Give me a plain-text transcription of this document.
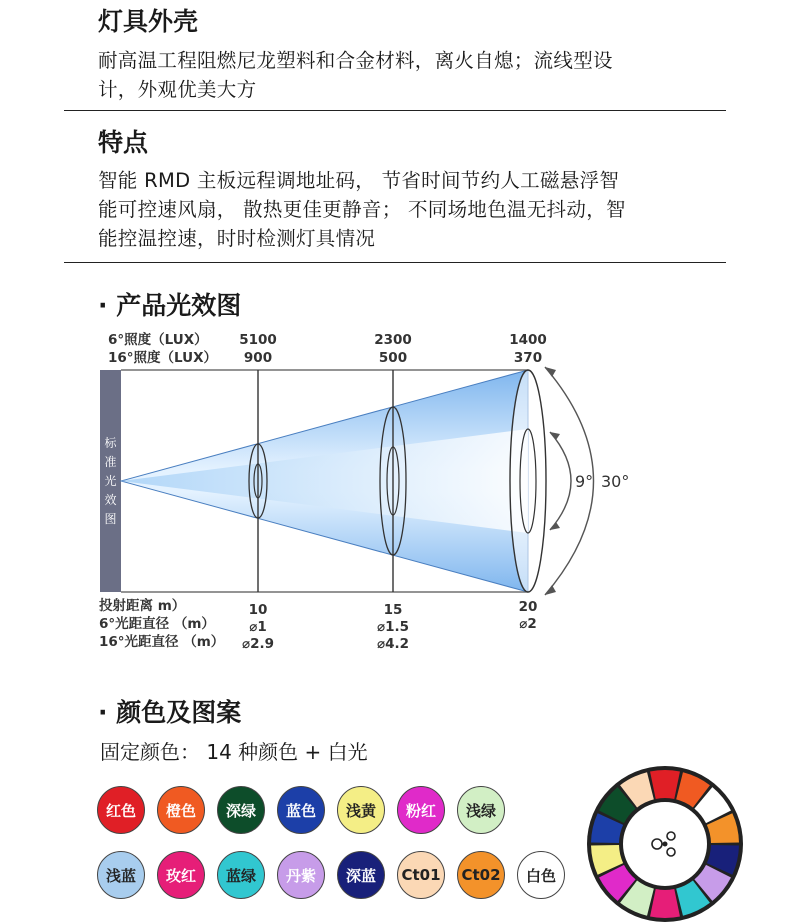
灯具外壳

耐高温工程阻燃尼龙塑料和合金材料，离火自熄；流线型设
计，外观优美大方

特点

智能 RMD 主板远程调地址码， 节省时间节约人工磁悬浮智
能可控速风扇， 散热更佳更静音； 不同场地色温无抖动，智
能控温控速，时时检测灯具情况

· 产品光效图
6°照度（LUX）
16°照度（LUX）
5100
900
2300
500
1400
370
标
准
光
效
图
9° 30°
投射距离 m）
6°光距直径 （m）
16°光距直径 （m）
10
⌀1
⌀2.9
15
⌀1.5
⌀4.2
20
⌀2
· 颜色及图案
固定颜色： 14 种颜色 + 白光
红色 橙色 深绿 蓝色 浅黄 粉红 浅绿
浅蓝 玫红 蓝绿 丹紫 深蓝 Ct01 Ct02 白色
